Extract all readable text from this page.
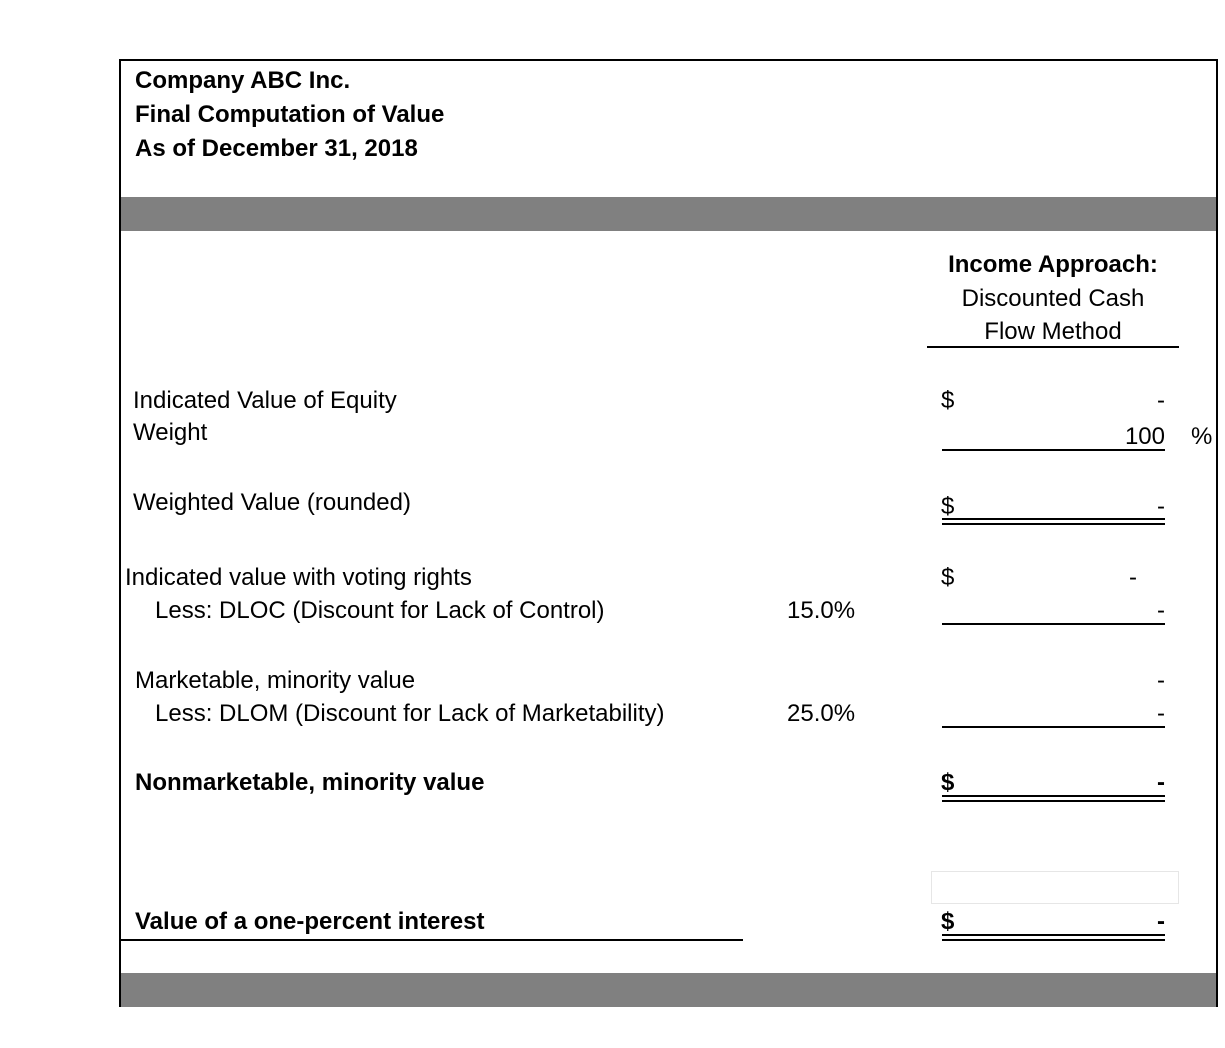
Company ABC Inc.
Final Computation of Value
As of December 31, 2018
Income Approach:
Discounted Cash
Flow Method
Indicated Value of Equity	$	-
Weight	100 %
Weighted Value (rounded)	$	-
Indicated value with voting rights	$	-
Less: DLOC (Discount for Lack of Control)	15.0%	-
Marketable, minority value	-
Less: DLOM (Discount for Lack of Marketability)	25.0%	-
Nonmarketable, minority value	$	-
Value of a one-percent interest	$	-
